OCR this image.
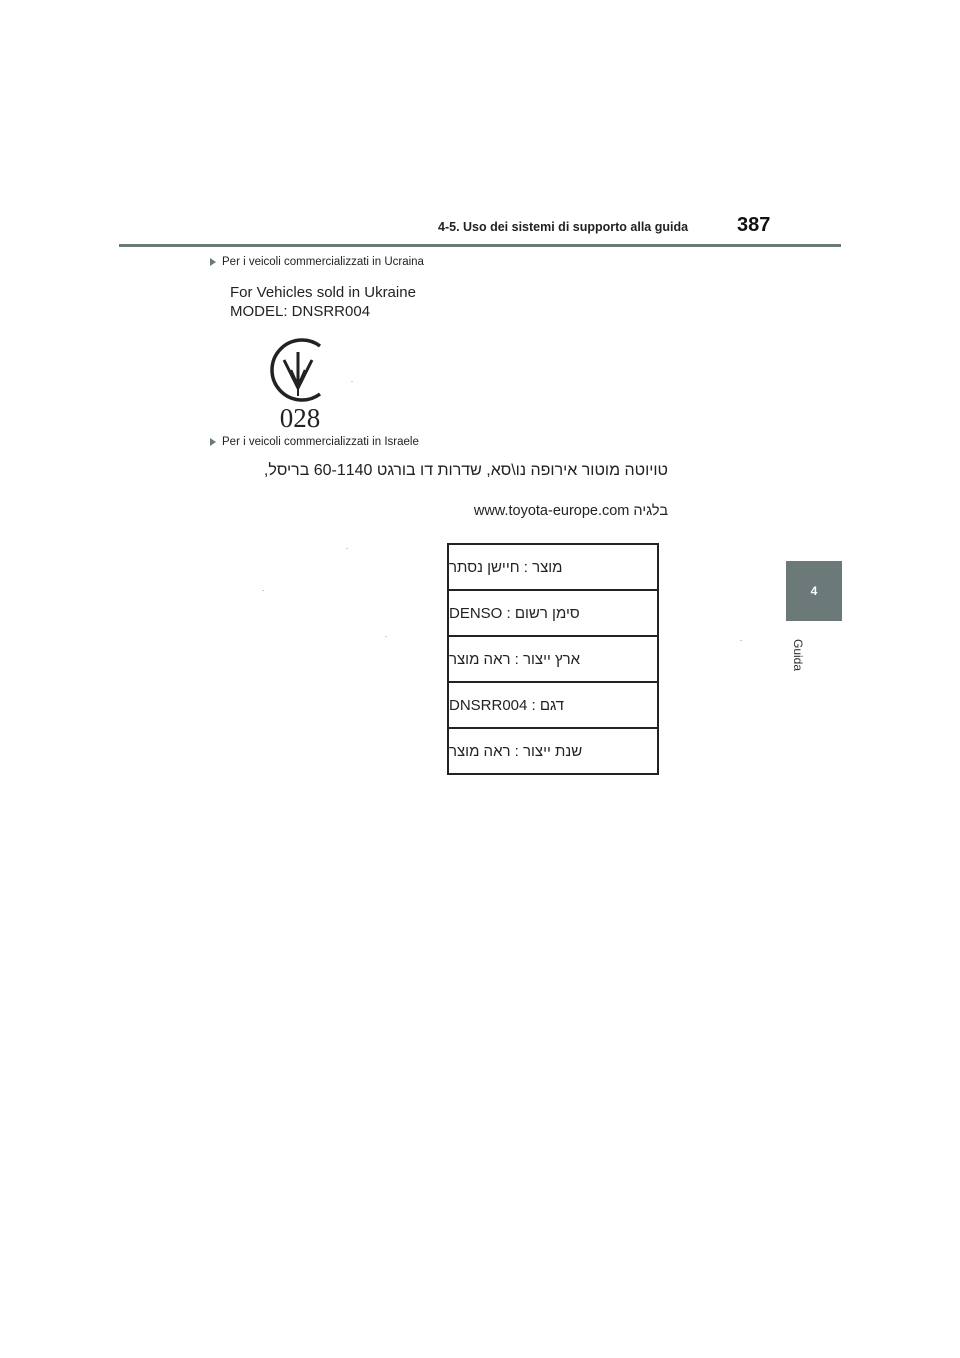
4-5. Uso dei sistemi di supporto alla guida 387
4
Guida
Per i veicoli commercializzati in Ucraina
For Vehicles sold in Ukraine
MODEL: DNSRR004
028
Per i veicoli commercializzati in Israele
טויוטה מוטור אירופה נו\סא, שדרות דו בורגט 60-1140 בריסל,
בלגיה www.toyota-europe.com
מוצר : חיישן נסתר
סימן רשום : DENSO
ארץ ייצור : ראה מוצר
דגם : DNSRR004
שנת ייצור : ראה מוצר
